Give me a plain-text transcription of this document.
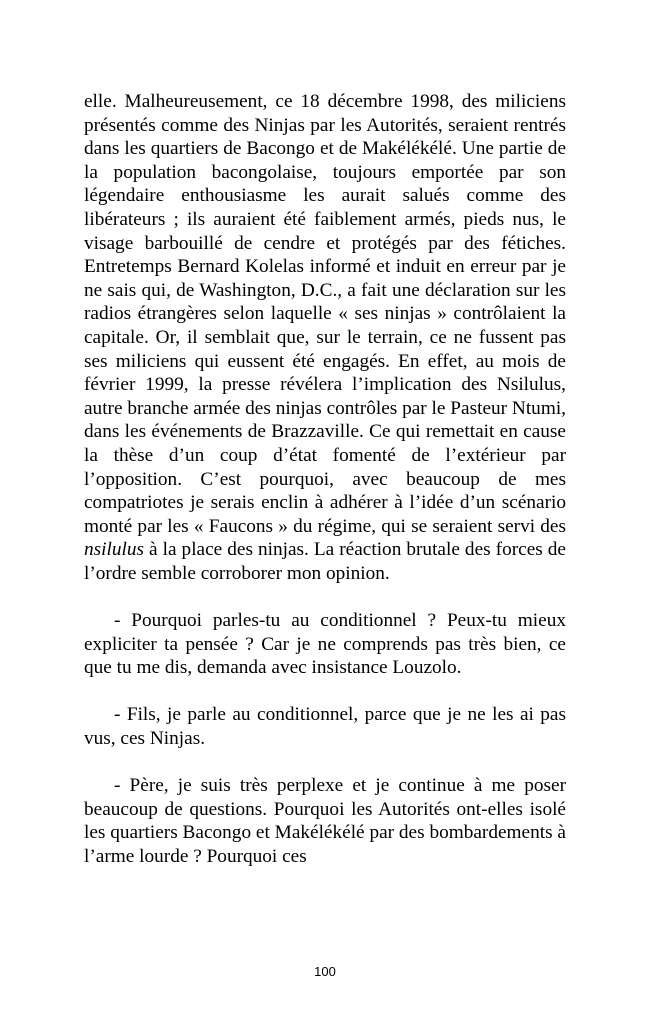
elle. Malheureusement, ce 18 décembre 1998, des miliciens présentés comme des Ninjas par les Autorités, seraient rentrés dans les quartiers de Bacongo et de Makélékélé. Une partie de la population bacongolaise, toujours emportée par son légendaire enthousiasme les aurait salués comme des libérateurs ; ils auraient été faiblement armés, pieds nus, le visage barbouillé de cendre et protégés par des fétiches. Entretemps Bernard Kolelas informé et induit en erreur par je ne sais qui, de Washington, D.C., a fait une déclaration sur les radios étrangères selon laquelle « ses ninjas » contrôlaient la capitale. Or, il semblait que, sur le terrain, ce ne fussent pas ses miliciens qui eussent été engagés. En effet, au mois de février 1999, la presse révélera l’implication des Nsilulus, autre branche armée des ninjas contrôles par le Pasteur Ntumi, dans les événements de Brazzaville. Ce qui remettait en cause la thèse d’un coup d’état fomenté de l’extérieur par l’opposition. C’est pourquoi, avec beaucoup de mes compatriotes je serais enclin à adhérer à l’idée d’un scénario monté par les « Faucons » du régime, qui se seraient servi des nsilulus à la place des ninjas. La réaction brutale des forces de l’ordre semble corroborer mon opinion.

- Pourquoi parles-tu au conditionnel ? Peux-tu mieux expliciter ta pensée ? Car je ne comprends pas très bien, ce que tu me dis, demanda avec insistance Louzolo.

- Fils, je parle au conditionnel, parce que je ne les ai pas vus, ces Ninjas.

- Père, je suis très perplexe et je continue à me poser beaucoup de questions. Pourquoi les Autorités ont-elles isolé les quartiers Bacongo et Makélékélé par des bombardements à l’arme lourde ? Pourquoi ces

100
